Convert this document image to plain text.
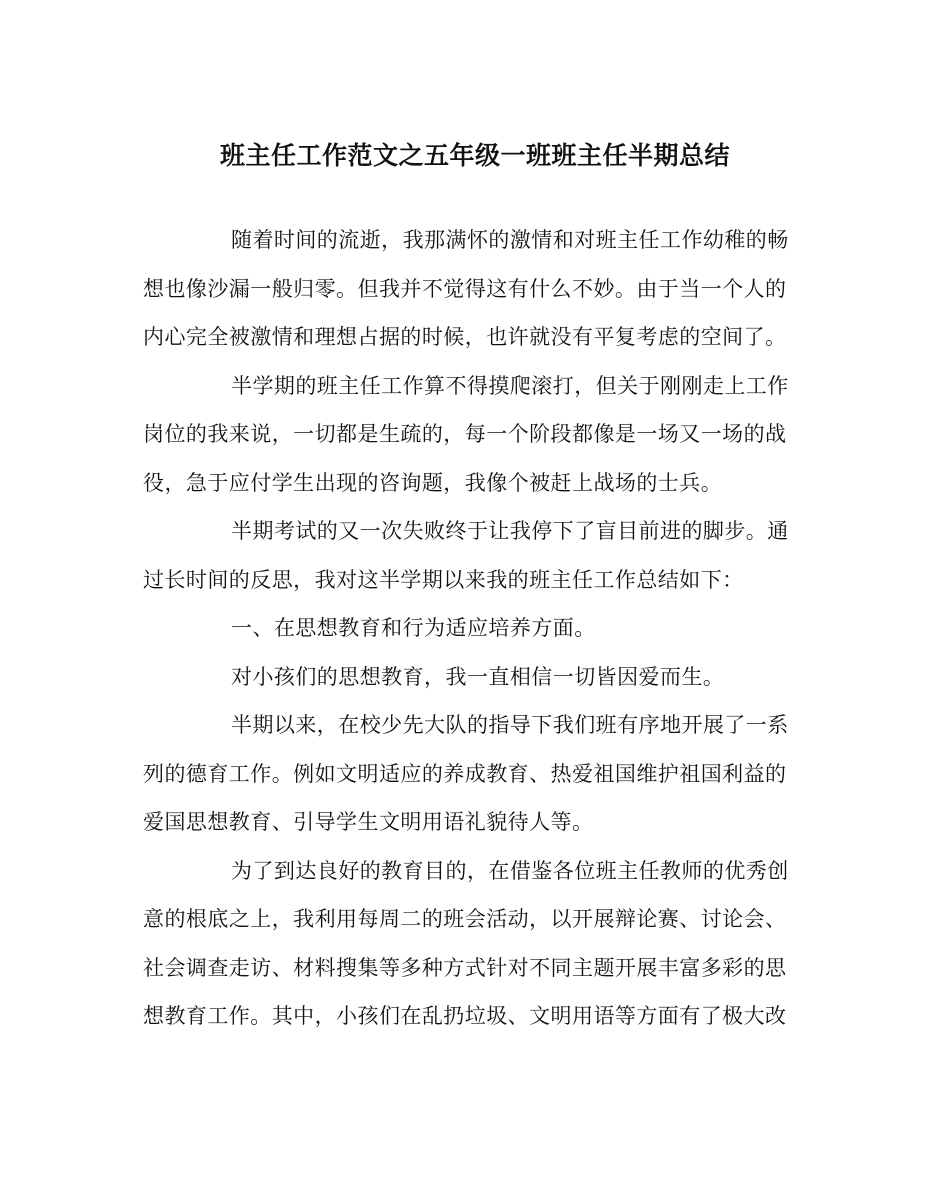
班主任工作范文之五年级一班班主任半期总结
随着时间的流逝，我那满怀的激情和对班主任工作幼稚的畅
想也像沙漏一般归零。但我并不觉得这有什么不妙。由于当一个人的
内心完全被激情和理想占据的时候，也许就没有平复考虑的空间了。
半学期的班主任工作算不得摸爬滚打，但关于刚刚走上工作
岗位的我来说，一切都是生疏的，每一个阶段都像是一场又一场的战
役，急于应付学生出现的咨询题，我像个被赶上战场的士兵。
半期考试的又一次失败终于让我停下了盲目前进的脚步。通
过长时间的反思，我对这半学期以来我的班主任工作总结如下：
一、在思想教育和行为适应培养方面。
对小孩们的思想教育，我一直相信一切皆因爱而生。
半期以来，在校少先大队的指导下我们班有序地开展了一系
列的德育工作。例如文明适应的养成教育、热爱祖国维护祖国利益的
爱国思想教育、引导学生文明用语礼貌待人等。
为了到达良好的教育目的，在借鉴各位班主任教师的优秀创
意的根底之上，我利用每周二的班会活动，以开展辩论赛、讨论会、
社会调查走访、材料搜集等多种方式针对不同主题开展丰富多彩的思
想教育工作。其中，小孩们在乱扔垃圾、文明用语等方面有了极大改
